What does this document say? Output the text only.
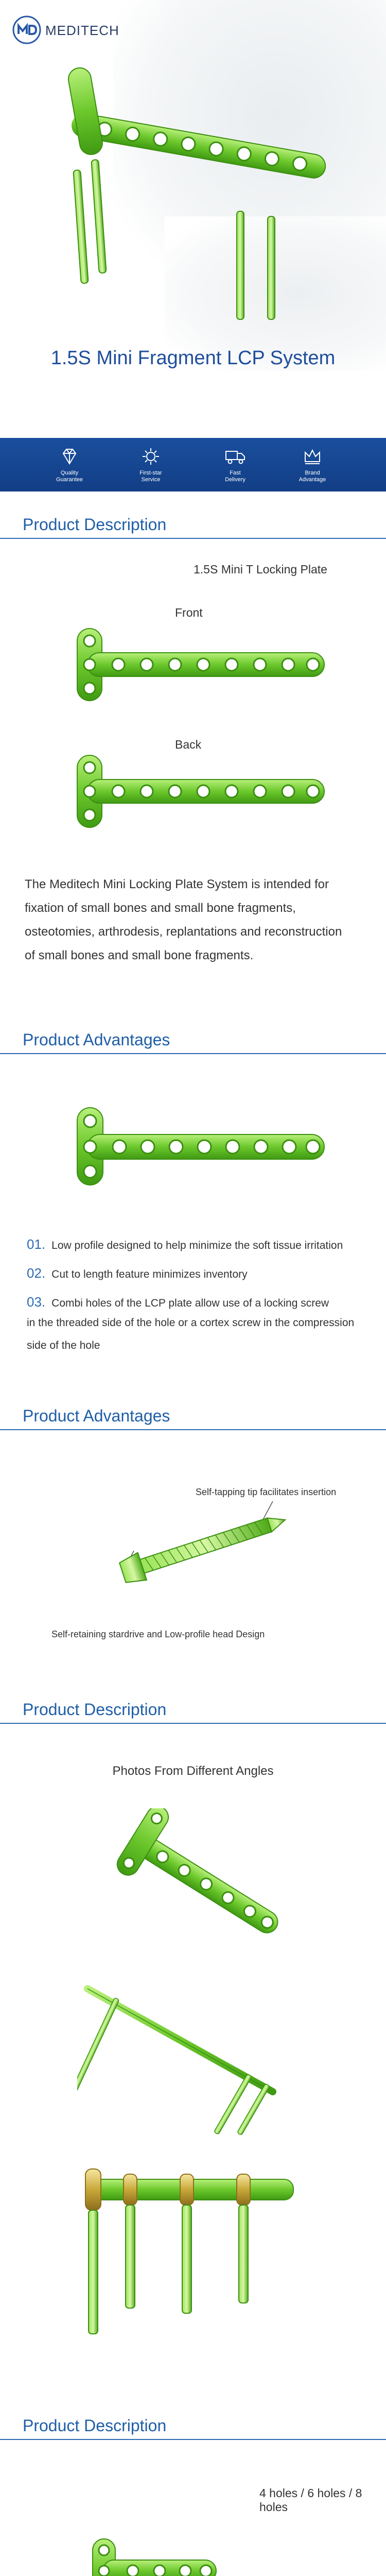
MEDITECH
1.5S Mini Fragment LCP System
Quality
Guarantee
First-star
Service
Fast
Delivery
Brand
Advantage
Product Description
1.5S Mini T Locking Plate
Front
Back
The Meditech Mini Locking Plate System is intended for
fixation of small bones and small bone fragments,
osteotomies, arthrodesis, replantations and reconstruction
of small bones and small bone fragments.
Product Advantages
01. Low profile designed to help minimize the soft tissue irritation
02. Cut to length feature minimizes inventory
03. Combi holes of the LCP plate allow use of a locking screw
in the threaded side of the hole or a cortex screw in the compression
side of the hole
Product Advantages
Self-tapping tip facilitates insertion
Self-retaining stardrive and Low-profile head Design
Product Description
Photos From Different Angles
Product Description
4 holes / 6 holes / 8 holes
